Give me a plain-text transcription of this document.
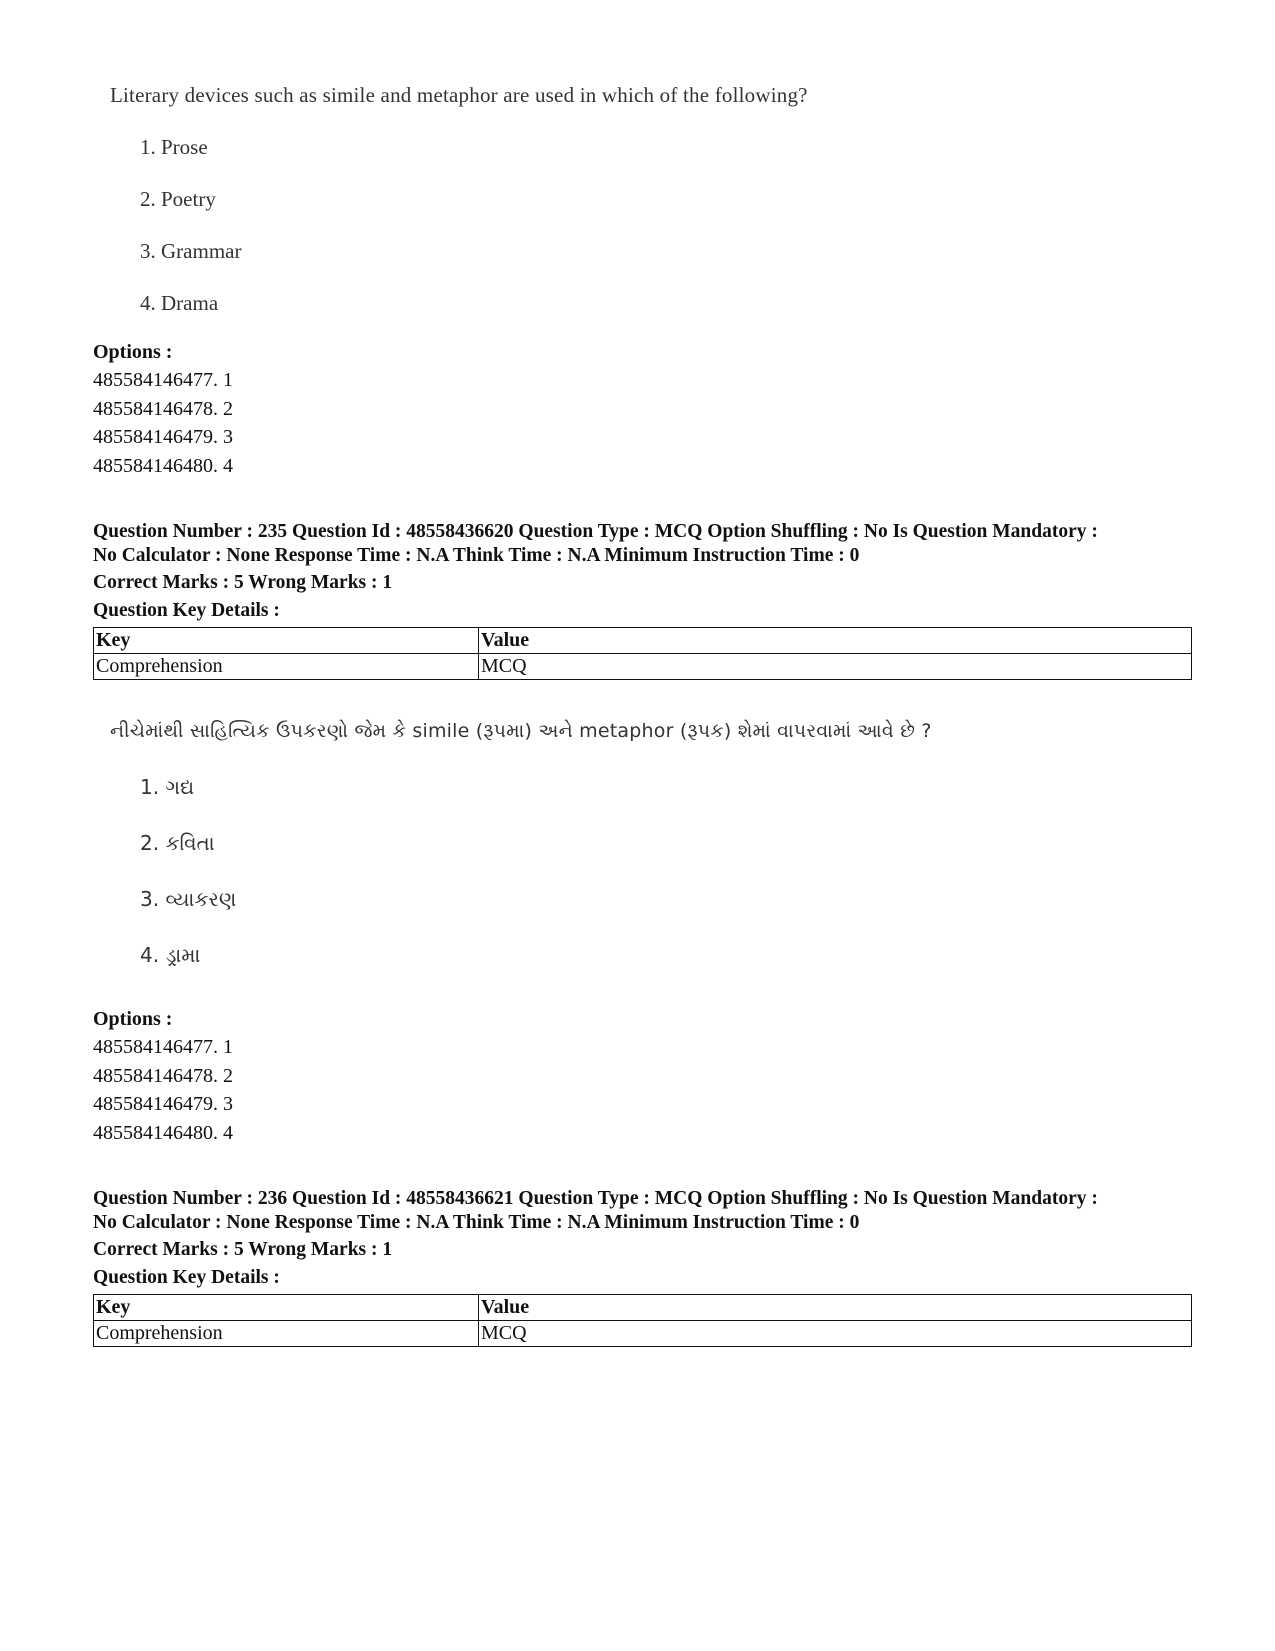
Literary devices such as simile and metaphor are used in which of the following?

1. Prose
2. Poetry
3. Grammar
4. Drama

Options :

485584146477. 1

485584146478. 2

485584146479. 3

485584146480. 4

Question Number : 235 Question Id : 48558436620 Question Type : MCQ Option Shuffling : No Is Question Mandatory :

No Calculator : None Response Time : N.A Think Time : N.A Minimum Instruction Time : 0

Correct Marks : 5 Wrong Marks : 1

Question Key Details :

Key	Value
Comprehension	MCQ

નીચેમાંથી સાહિત્યિક ઉપકરણો જેમ કે simile (રૂપમા) અને metaphor (રૂપક) શેમાં વાપરવામાં આવે છે ?

1. ગદ્ય
2. કવિતા
3. વ્યાકરણ
4. ડ્રામા

Options :

485584146477. 1

485584146478. 2

485584146479. 3

485584146480. 4

Question Number : 236 Question Id : 48558436621 Question Type : MCQ Option Shuffling : No Is Question Mandatory :

No Calculator : None Response Time : N.A Think Time : N.A Minimum Instruction Time : 0

Correct Marks : 5 Wrong Marks : 1

Question Key Details :

Key	Value
Comprehension	MCQ
